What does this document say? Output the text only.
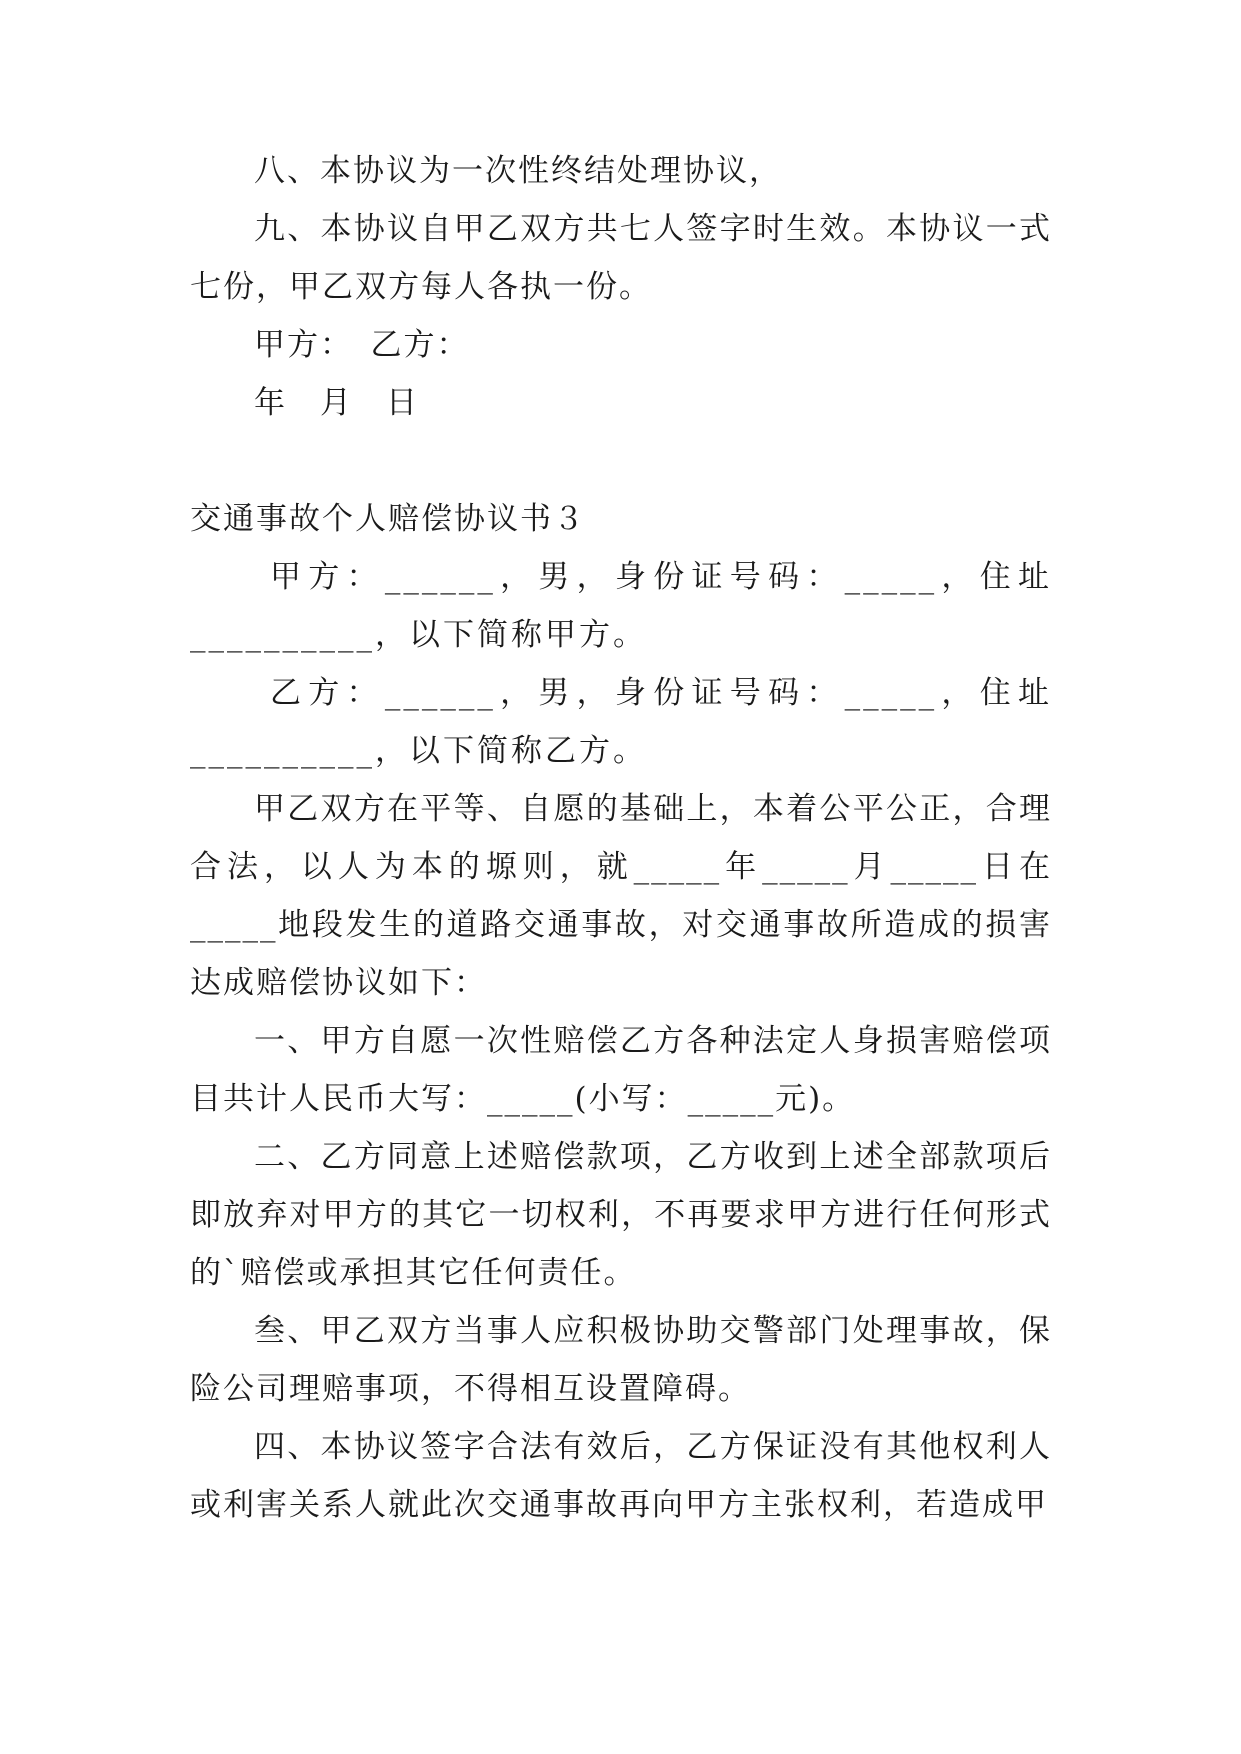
八、本协议为一次性终结处理协议，

九、本协议自甲乙双方共七人签字时生效。本协议一式七份，甲乙双方每人各执一份。

甲方：　乙方：

年　月　日

交通事故个人赔偿协议书３

甲方：______，男，身份证号码：_____，住址__________，以下简称甲方。

乙方：______，男，身份证号码：_____，住址__________，以下简称乙方。

甲乙双方在平等、自愿的基础上，本着公平公正，合理合法，以人为本的塬则，就_____年_____月_____日在_____地段发生的道路交通事故，对交通事故所造成的损害达成赔偿协议如下：

一、甲方自愿一次性赔偿乙方各种法定人身损害赔偿项目共计人民币大写：_____(小写：_____元)。

二、乙方同意上述赔偿款项，乙方收到上述全部款项后即放弃对甲方的其它一切权利，不再要求甲方进行任何形式的`赔偿或承担其它任何责任。

叁、甲乙双方当事人应积极协助交警部门处理事故，保险公司理赔事项，不得相互设置障碍。

四、本协议签字合法有效后，乙方保证没有其他权利人或利害关系人就此次交通事故再向甲方主张权利，若造成甲
